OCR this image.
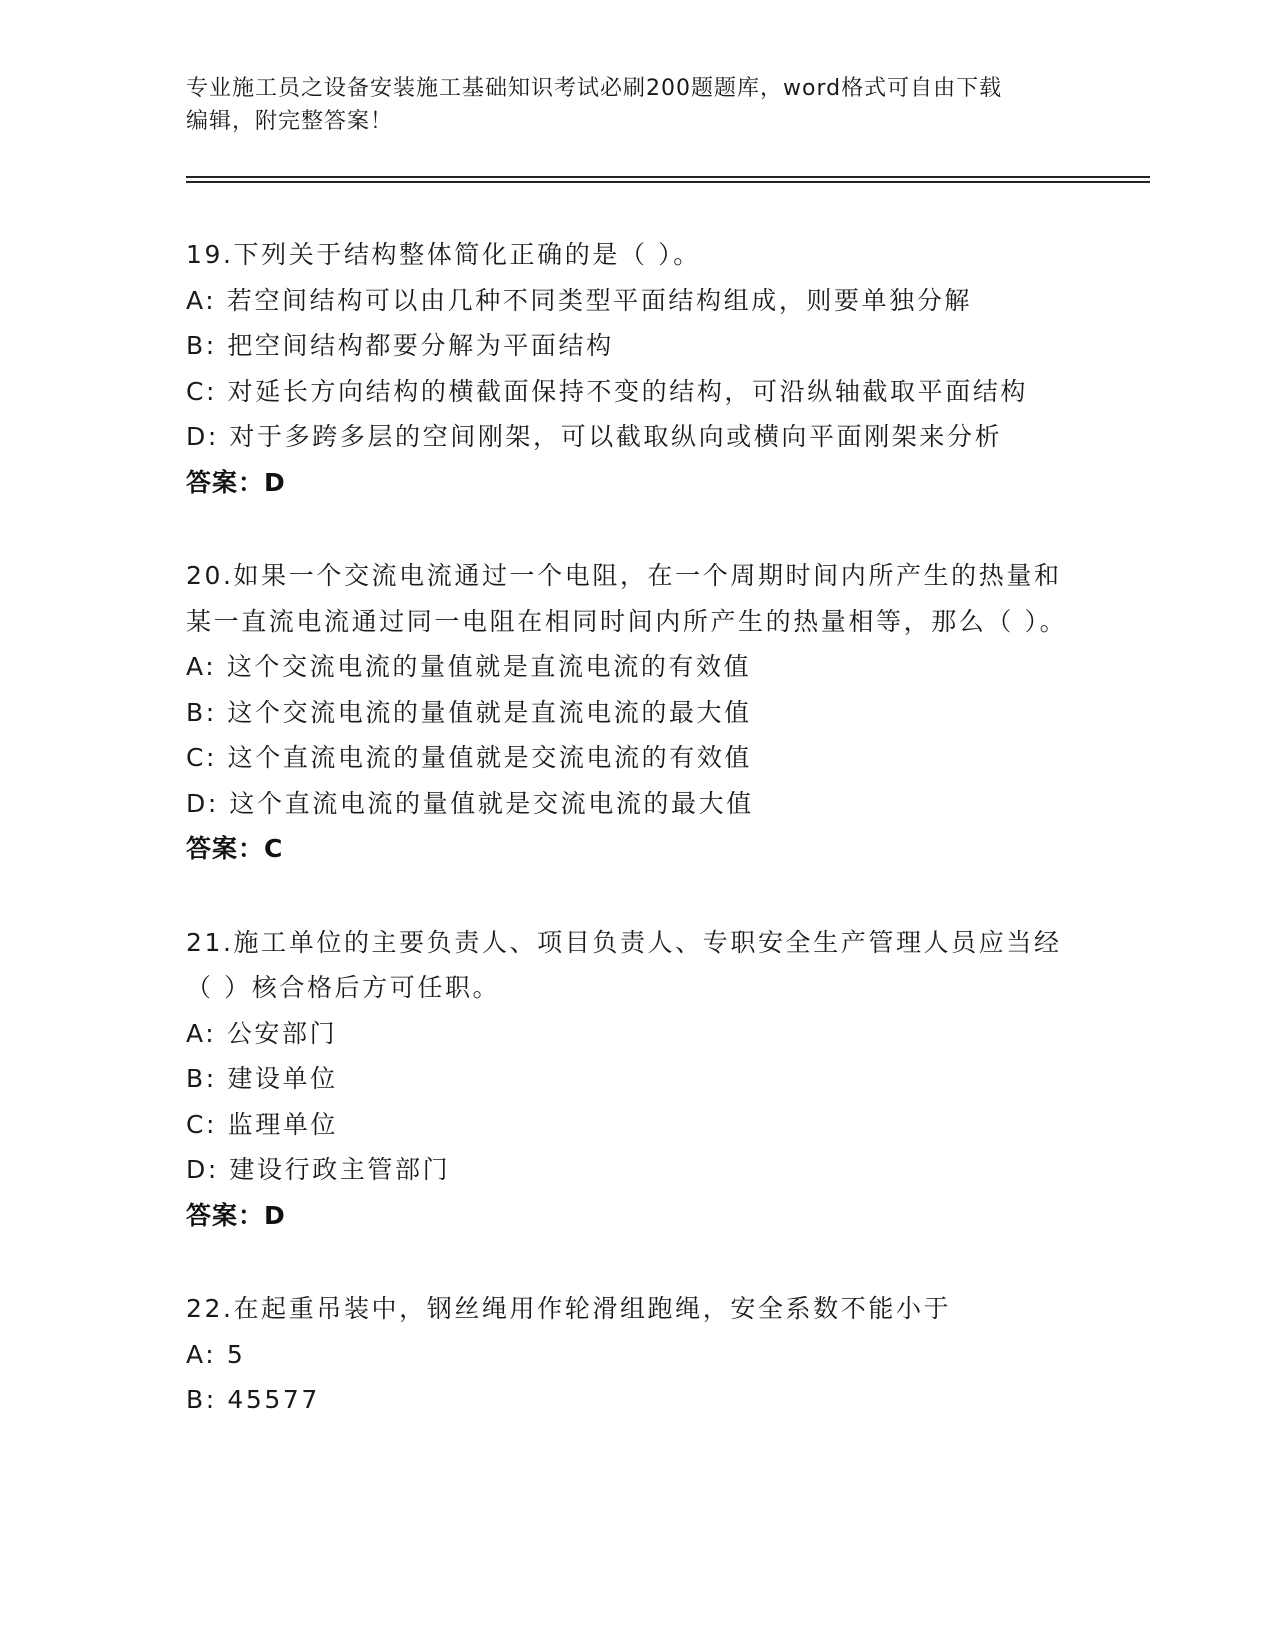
专业施工员之设备安装施工基础知识考试必刷200题题库，word格式可自由下载
编辑，附完整答案！
19.下列关于结构整体简化正确的是（ ）。
A: 若空间结构可以由几种不同类型平面结构组成，则要单独分解
B: 把空间结构都要分解为平面结构
C: 对延长方向结构的横截面保持不变的结构，可沿纵轴截取平面结构
D: 对于多跨多层的空间刚架，可以截取纵向或横向平面刚架来分析
答案：D
20.如果一个交流电流通过一个电阻，在一个周期时间内所产生的热量和某一直流电流通过同一电阻在相同时间内所产生的热量相等，那么（ ）。
A: 这个交流电流的量值就是直流电流的有效值
B: 这个交流电流的量值就是直流电流的最大值
C: 这个直流电流的量值就是交流电流的有效值
D: 这个直流电流的量值就是交流电流的最大值
答案：C
21.施工单位的主要负责人、项目负责人、专职安全生产管理人员应当经（ ）核合格后方可任职。
A: 公安部门
B: 建设单位
C: 监理单位
D: 建设行政主管部门
答案：D
22.在起重吊装中，钢丝绳用作轮滑组跑绳，安全系数不能小于
A: 5
B: 45577
